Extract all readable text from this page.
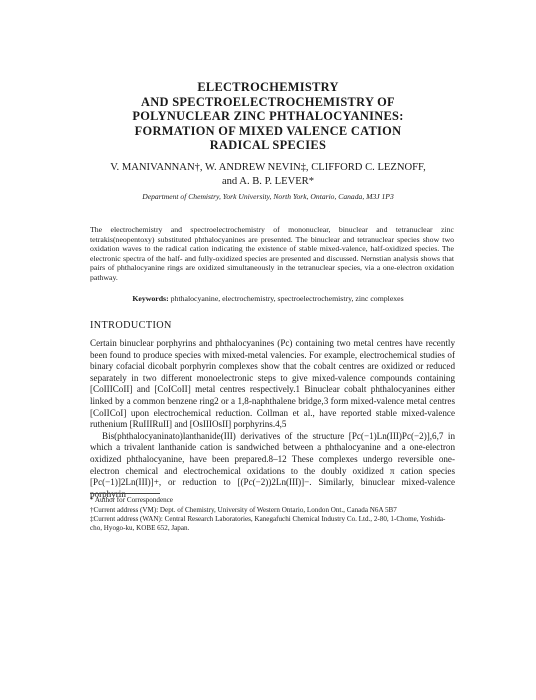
ELECTROCHEMISTRY
AND SPECTROELECTROCHEMISTRY OF
POLYNUCLEAR ZINC PHTHALOCYANINES:
FORMATION OF MIXED VALENCE CATION
RADICAL SPECIES
V. MANIVANNAN†, W. ANDREW NEVIN‡, CLIFFORD C. LEZNOFF,
and A. B. P. LEVER*
Department of Chemistry, York University, North York, Ontario, Canada, M3J 1P3
The electrochemistry and spectroelectrochemistry of mononuclear, binuclear and tetranuclear zinc tetrakis(neopentoxy) substituted phthalocyanines are presented. The binuclear and tetranuclear species show two oxidation waves to the radical cation indicating the existence of stable mixed-valence, half-oxidized species. The electronic spectra of the half- and fully-oxidized species are presented and discussed. Nernstian analysis shows that pairs of phthalocyanine rings are oxidized simultaneously in the tetranuclear species, via a one-electron oxidation pathway.
Keywords: phthalocyanine, electrochemistry, spectroelectrochemistry, zinc complexes
INTRODUCTION

Certain binuclear porphyrins and phthalocyanines (Pc) containing two metal centres have recently been found to produce species with mixed-metal valencies. For example, electrochemical studies of binary cofacial dicobalt porphyrin complexes show that the cobalt centres are oxidized or reduced separately in two different monoelectronic steps to give mixed-valence compounds containing [CoIIICoII] and [CoICoII] metal centres respectively.1 Binuclear cobalt phthalocyanines either linked by a common benzene ring2 or a 1,8-naphthalene bridge,3 form mixed-valence metal centres [CoIICoI] upon electrochemical reduction. Collman et al., have reported stable mixed-valence ruthenium [RuIIIRuII] and [OsIIIOsII] porphyrins.4,5

Bis(phthalocyaninato)lanthanide(III) derivatives of the structure [Pc(−1)Ln(III)Pc(−2)],6,7 in which a trivalent lanthanide cation is sandwiched between a phthalocyanine and a one-electron oxidized phthalocyanine, have been prepared.8–12 These complexes undergo reversible one-electron chemical and electrochemical oxidations to the doubly oxidized π cation species [Pc(−1)]2Ln(III)]+, or reduction to [(Pc(−2))2Ln(III)]−. Similarly, binuclear mixed-valence porphyrin

* Author for Correspondence

†Current address (VM): Dept. of Chemistry, University of Western Ontario, London Ont., Canada N6A 5B7

‡Current address (WAN): Central Research Laboratories, Kanegafuchi Chemical Industry Co. Ltd., 2-80, 1-Chome, Yoshida-cho, Hyogo-ku, KOBE 652, Japan.
